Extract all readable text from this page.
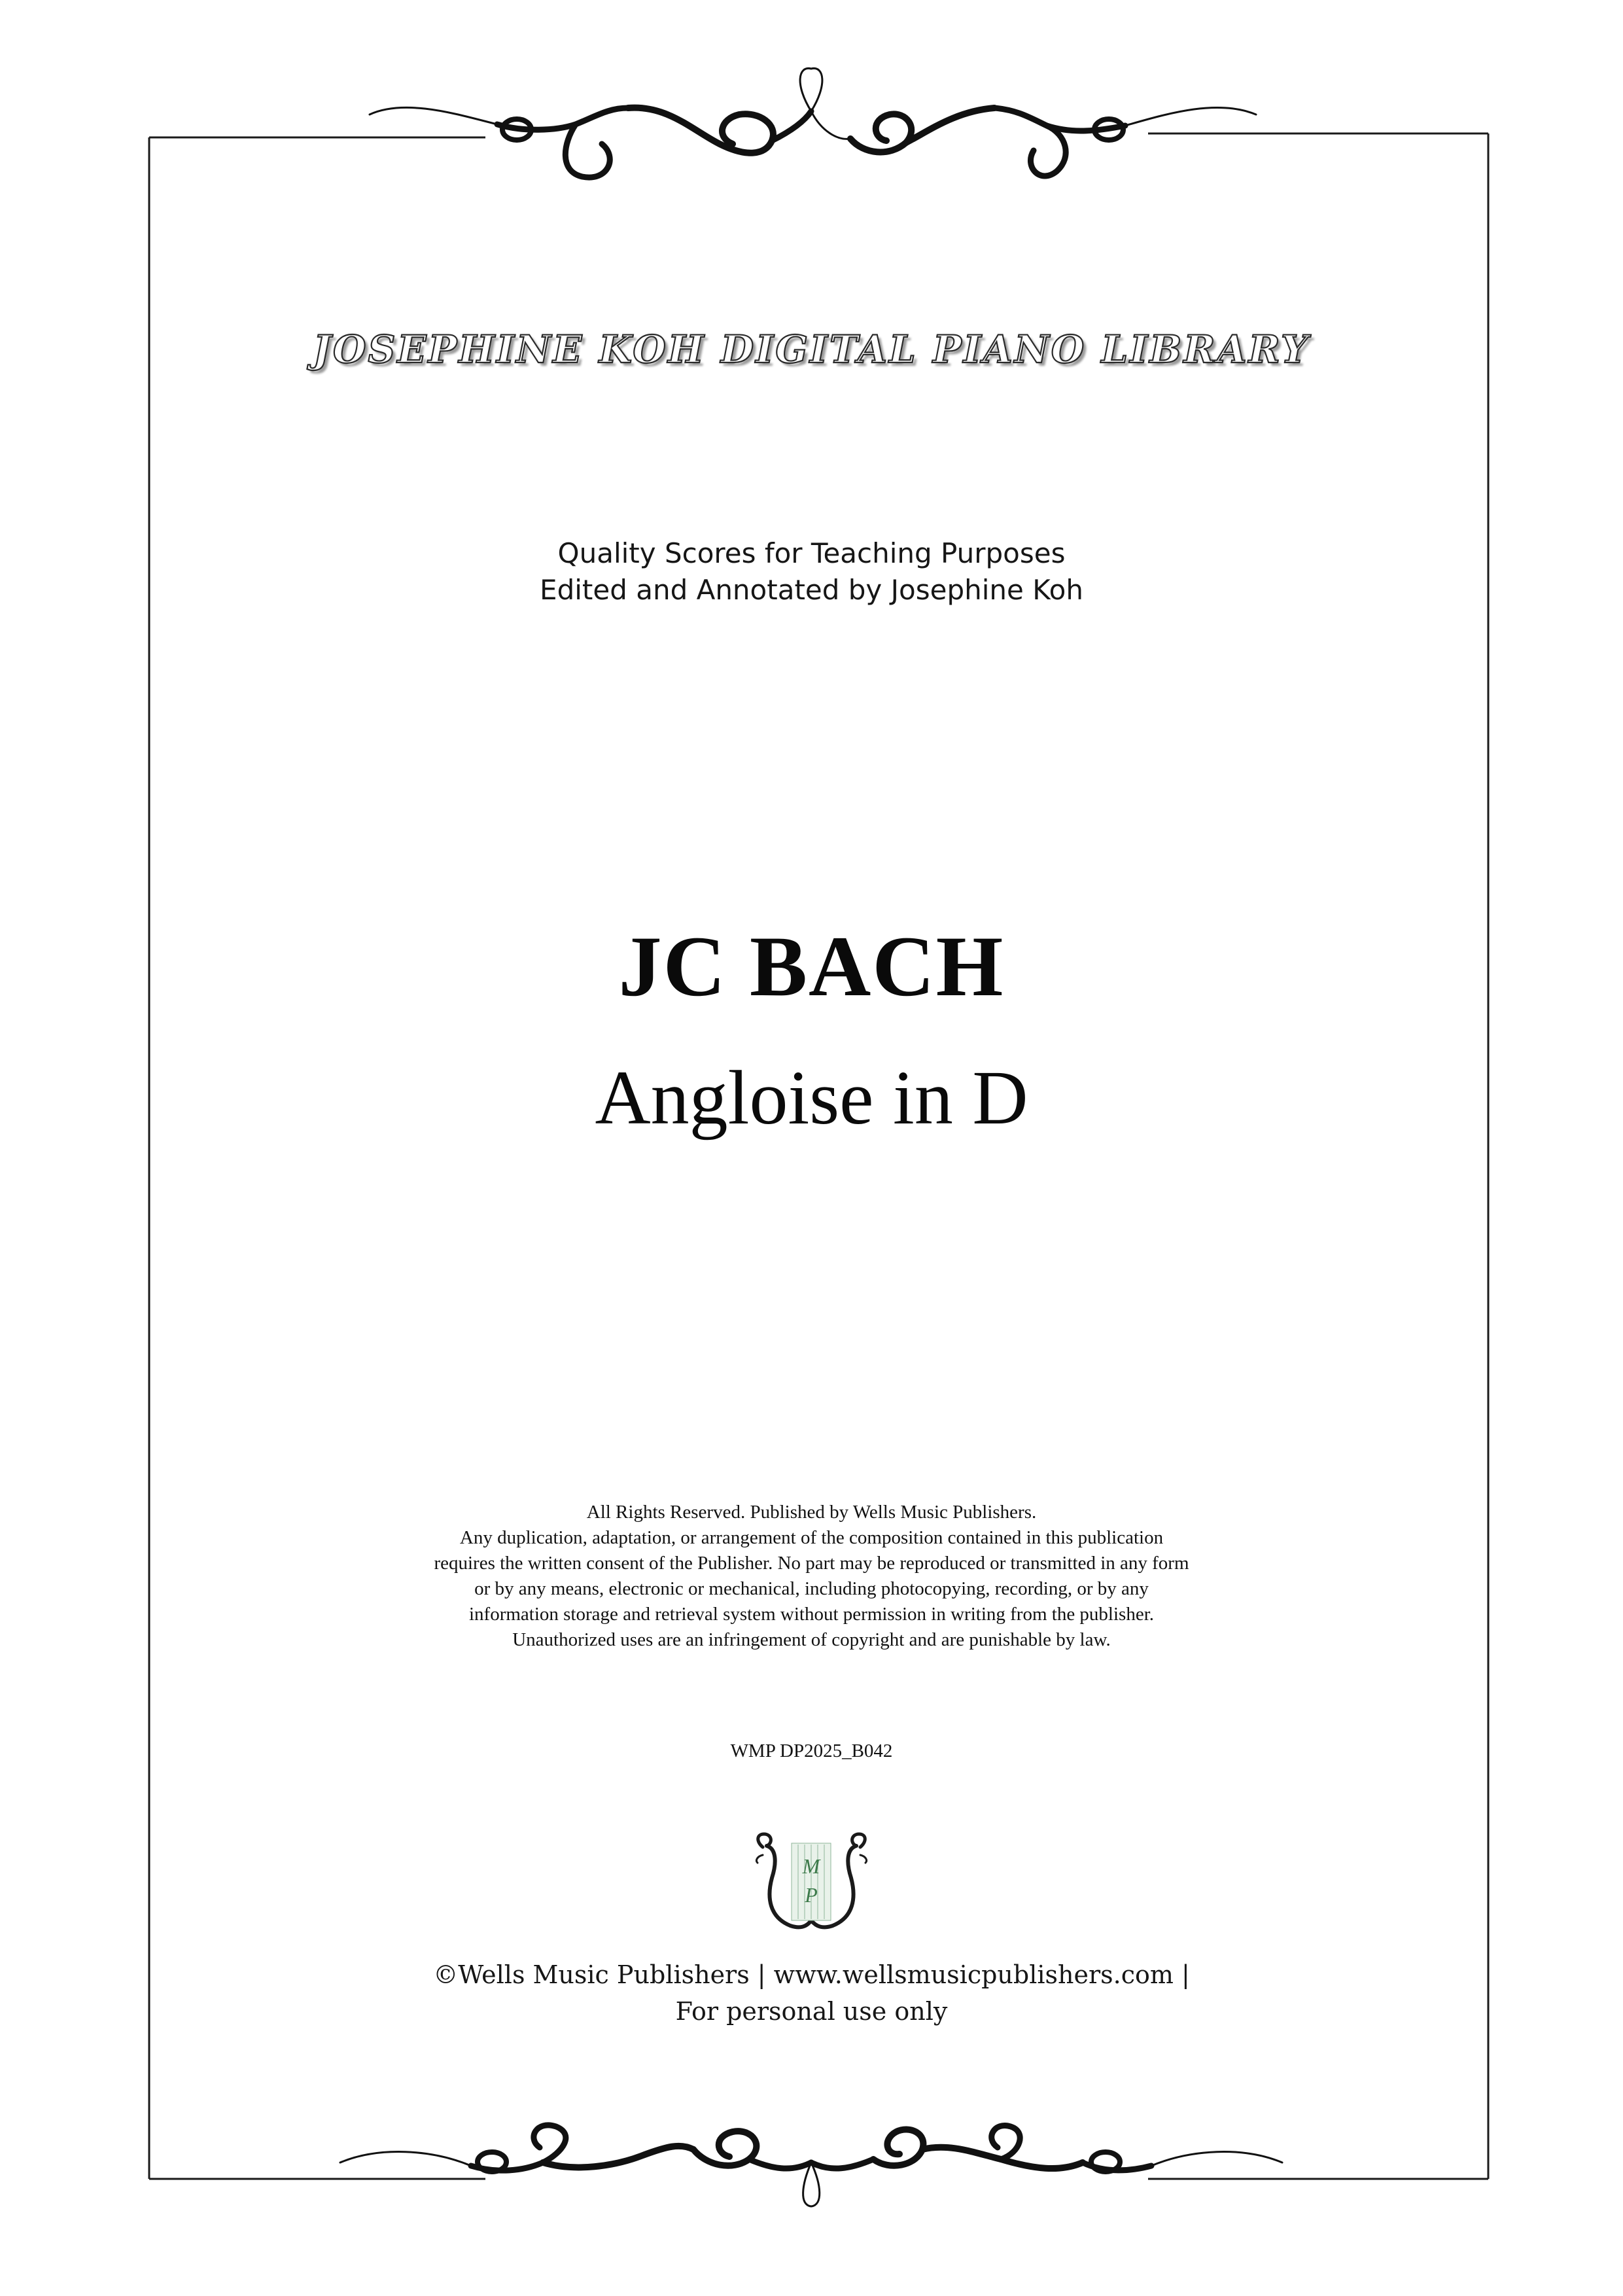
JOSEPHINE KOH DIGITAL PIANO LIBRARY
Quality Scores for Teaching Purposes
Edited and Annotated by Josephine Koh
JC BACH
Angloise in D
All Rights Reserved. Published by Wells Music Publishers.
Any duplication, adaptation, or arrangement of the composition contained in this publication
requires the written consent of the Publisher. No part may be reproduced or transmitted in any form
or by any means, electronic or mechanical, including photocopying, recording, or by any
information storage and retrieval system without permission in writing from the publisher.
Unauthorized uses are an infringement of copyright and are punishable by law.
WMP DP2025_B042
M
P
©Wells Music Publishers | www.wellsmusicpublishers.com |
For personal use only
